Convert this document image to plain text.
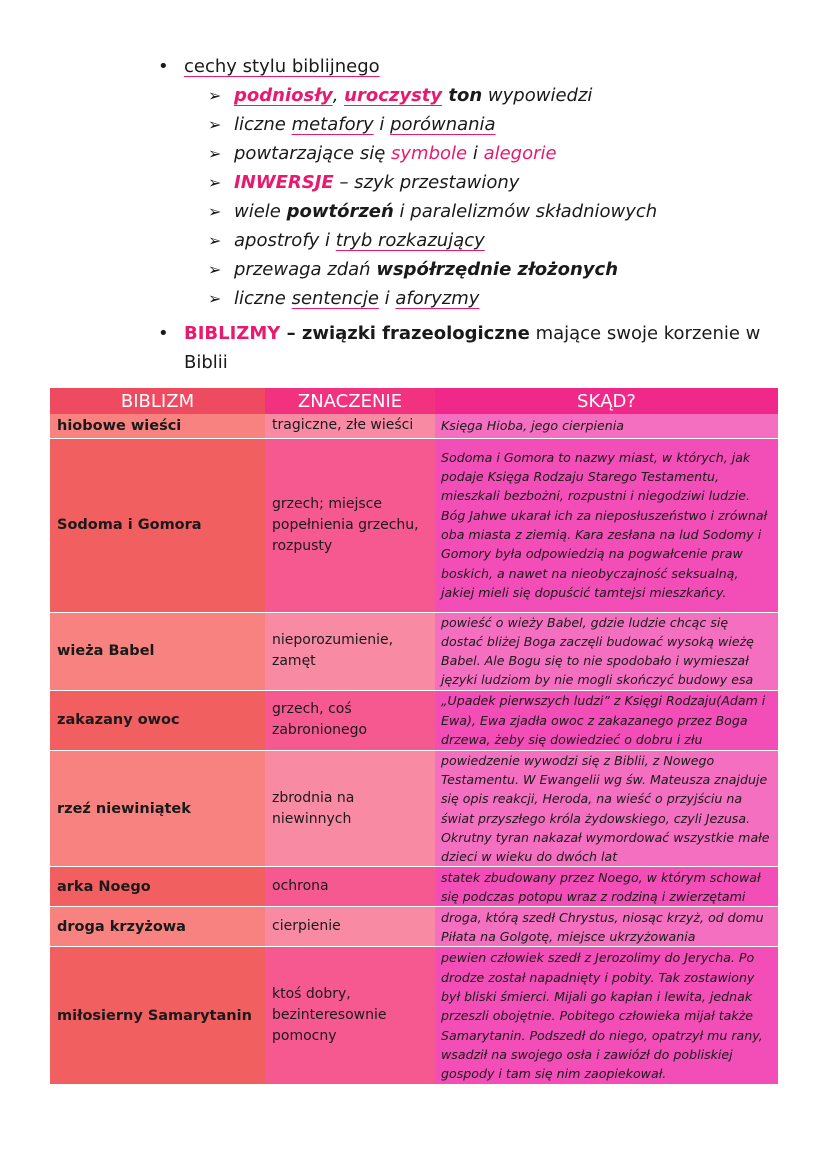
• cechy stylu biblijnego
➢ podniosły, uroczysty ton wypowiedzi
➢ liczne metafory i porównania
➢ powtarzające się symbole i alegorie
➢ INWERSJE – szyk przestawiony
➢ wiele powtórzeń i paralelizmów składniowych
➢ apostrofy i tryb rozkazujący
➢ przewaga zdań współrzędnie złożonych
➢ liczne sentencje i aforyzmy
• BIBLIZMY – związki frazeologiczne mające swoje korzenie w Biblii
BIBLIZM	ZNACZENIE	SKĄD?
hiobowe wieści	tragiczne, złe wieści	Księga Hioba, jego cierpienia
Sodoma i Gomora	grzech; miejsce popełnienia grzechu, rozpusty	Sodoma i Gomora to nazwy miast, w których, jak podaje Księga Rodzaju Starego Testamentu, mieszkali bezbożni, rozpustni i niegodziwi ludzie. Bóg Jahwe ukarał ich za nieposłuszeństwo i zrównał oba miasta z ziemią. Kara zesłana na lud Sodomy i Gomory była odpowiedzią na pogwałcenie praw boskich, a nawet na nieobyczajność seksualną, jakiej mieli się dopuścić tamtejsi mieszkańcy.
wieża Babel	nieporozumienie, zamęt	powieść o wieży Babel, gdzie ludzie chcąc się dostać bliżej Boga zaczęli budować wysoką wieżę Babel. Ale Bogu się to nie spodobało i wymieszał języki ludziom by nie mogli skończyć budowy esa
zakazany owoc	grzech, coś zabronionego	„Upadek pierwszych ludzi” z Księgi Rodzaju(Adam i Ewa), Ewa zjadła owoc z zakazanego przez Boga drzewa, żeby się dowiedzieć o dobru i złu
rzeź niewiniątek	zbrodnia na niewinnych	powiedzenie wywodzi się z Biblii, z Nowego Testamentu. W Ewangelii wg św. Mateusza znajduje się opis reakcji, Heroda, na wieść o przyjściu na świat przyszłego króla żydowskiego, czyli Jezusa. Okrutny tyran nakazał wymordować wszystkie małe dzieci w wieku do dwóch lat
arka Noego	ochrona	statek zbudowany przez Noego, w którym schował się podczas potopu wraz z rodziną i zwierzętami
droga krzyżowa	cierpienie	droga, którą szedł Chrystus, niosąc krzyż, od domu Piłata na Golgotę, miejsce ukrzyżowania
miłosierny Samarytanin	ktoś dobry, bezinteresownie pomocny	pewien człowiek szedł z Jerozolimy do Jerycha. Po drodze został napadnięty i pobity. Tak zostawiony był bliski śmierci. Mijali go kapłan i lewita, jednak przeszli obojętnie. Pobitego człowieka mijał także Samarytanin. Podszedł do niego, opatrzył mu rany, wsadził na swojego osła i zawiózł do pobliskiej gospody i tam się nim zaopiekował.
